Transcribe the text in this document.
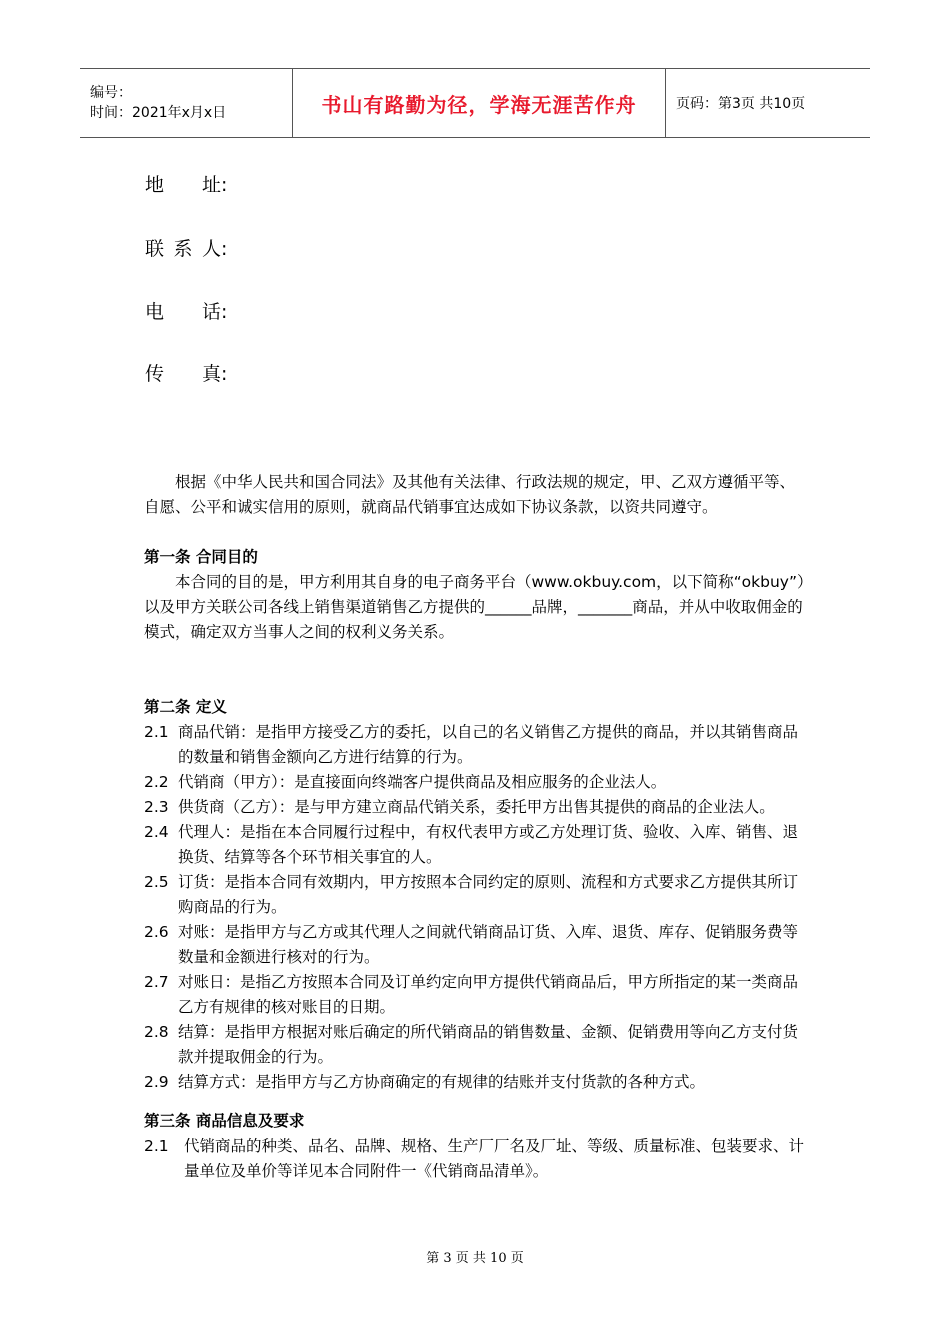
编号：
时间：2021年x月x日	书山有路勤为径，学海无涯苦作舟	页码：第3页 共10页
地址:
联系人:
电话:
传真:

根据《中华人民共和国合同法》及其他有关法律、行政法规的规定，甲、乙双方遵循平等、自愿、公平和诚实信用的原则，就商品代销事宜达成如下协议条款，以资共同遵守。

第一条 合同目的

本合同的目的是，甲方利用其自身的电子商务平台（www.okbuy.com，以下简称“okbuy”）以及甲方关联公司各线上销售渠道销售乙方提供的______品牌，_______商品，并从中收取佣金的模式，确定双方当事人之间的权利义务关系。

第二条 定义

2.1 商品代销：是指甲方接受乙方的委托，以自己的名义销售乙方提供的商品，并以其销售商品的数量和销售金额向乙方进行结算的行为。
2.2 代销商（甲方）：是直接面向终端客户提供商品及相应服务的企业法人。
2.3 供货商（乙方）：是与甲方建立商品代销关系，委托甲方出售其提供的商品的企业法人。
2.4 代理人：是指在本合同履行过程中，有权代表甲方或乙方处理订货、验收、入库、销售、退换货、结算等各个环节相关事宜的人。
2.5 订货：是指本合同有效期内，甲方按照本合同约定的原则、流程和方式要求乙方提供其所订购商品的行为。
2.6 对账：是指甲方与乙方或其代理人之间就代销商品订货、入库、退货、库存、促销服务费等数量和金额进行核对的行为。
2.7 对账日：是指乙方按照本合同及订单约定向甲方提供代销商品后，甲方所指定的某一类商品乙方有规律的核对账目的日期。
2.8 结算：是指甲方根据对账后确定的所代销商品的销售数量、金额、促销费用等向乙方支付货款并提取佣金的行为。
2.9 结算方式：是指甲方与乙方协商确定的有规律的结账并支付货款的各种方式。

第三条 商品信息及要求

2.1 代销商品的种类、品名、品牌、规格、生产厂厂名及厂址、等级、质量标准、包装要求、计量单位及单价等详见本合同附件一《代销商品清单》。
第 3 页 共 10 页
